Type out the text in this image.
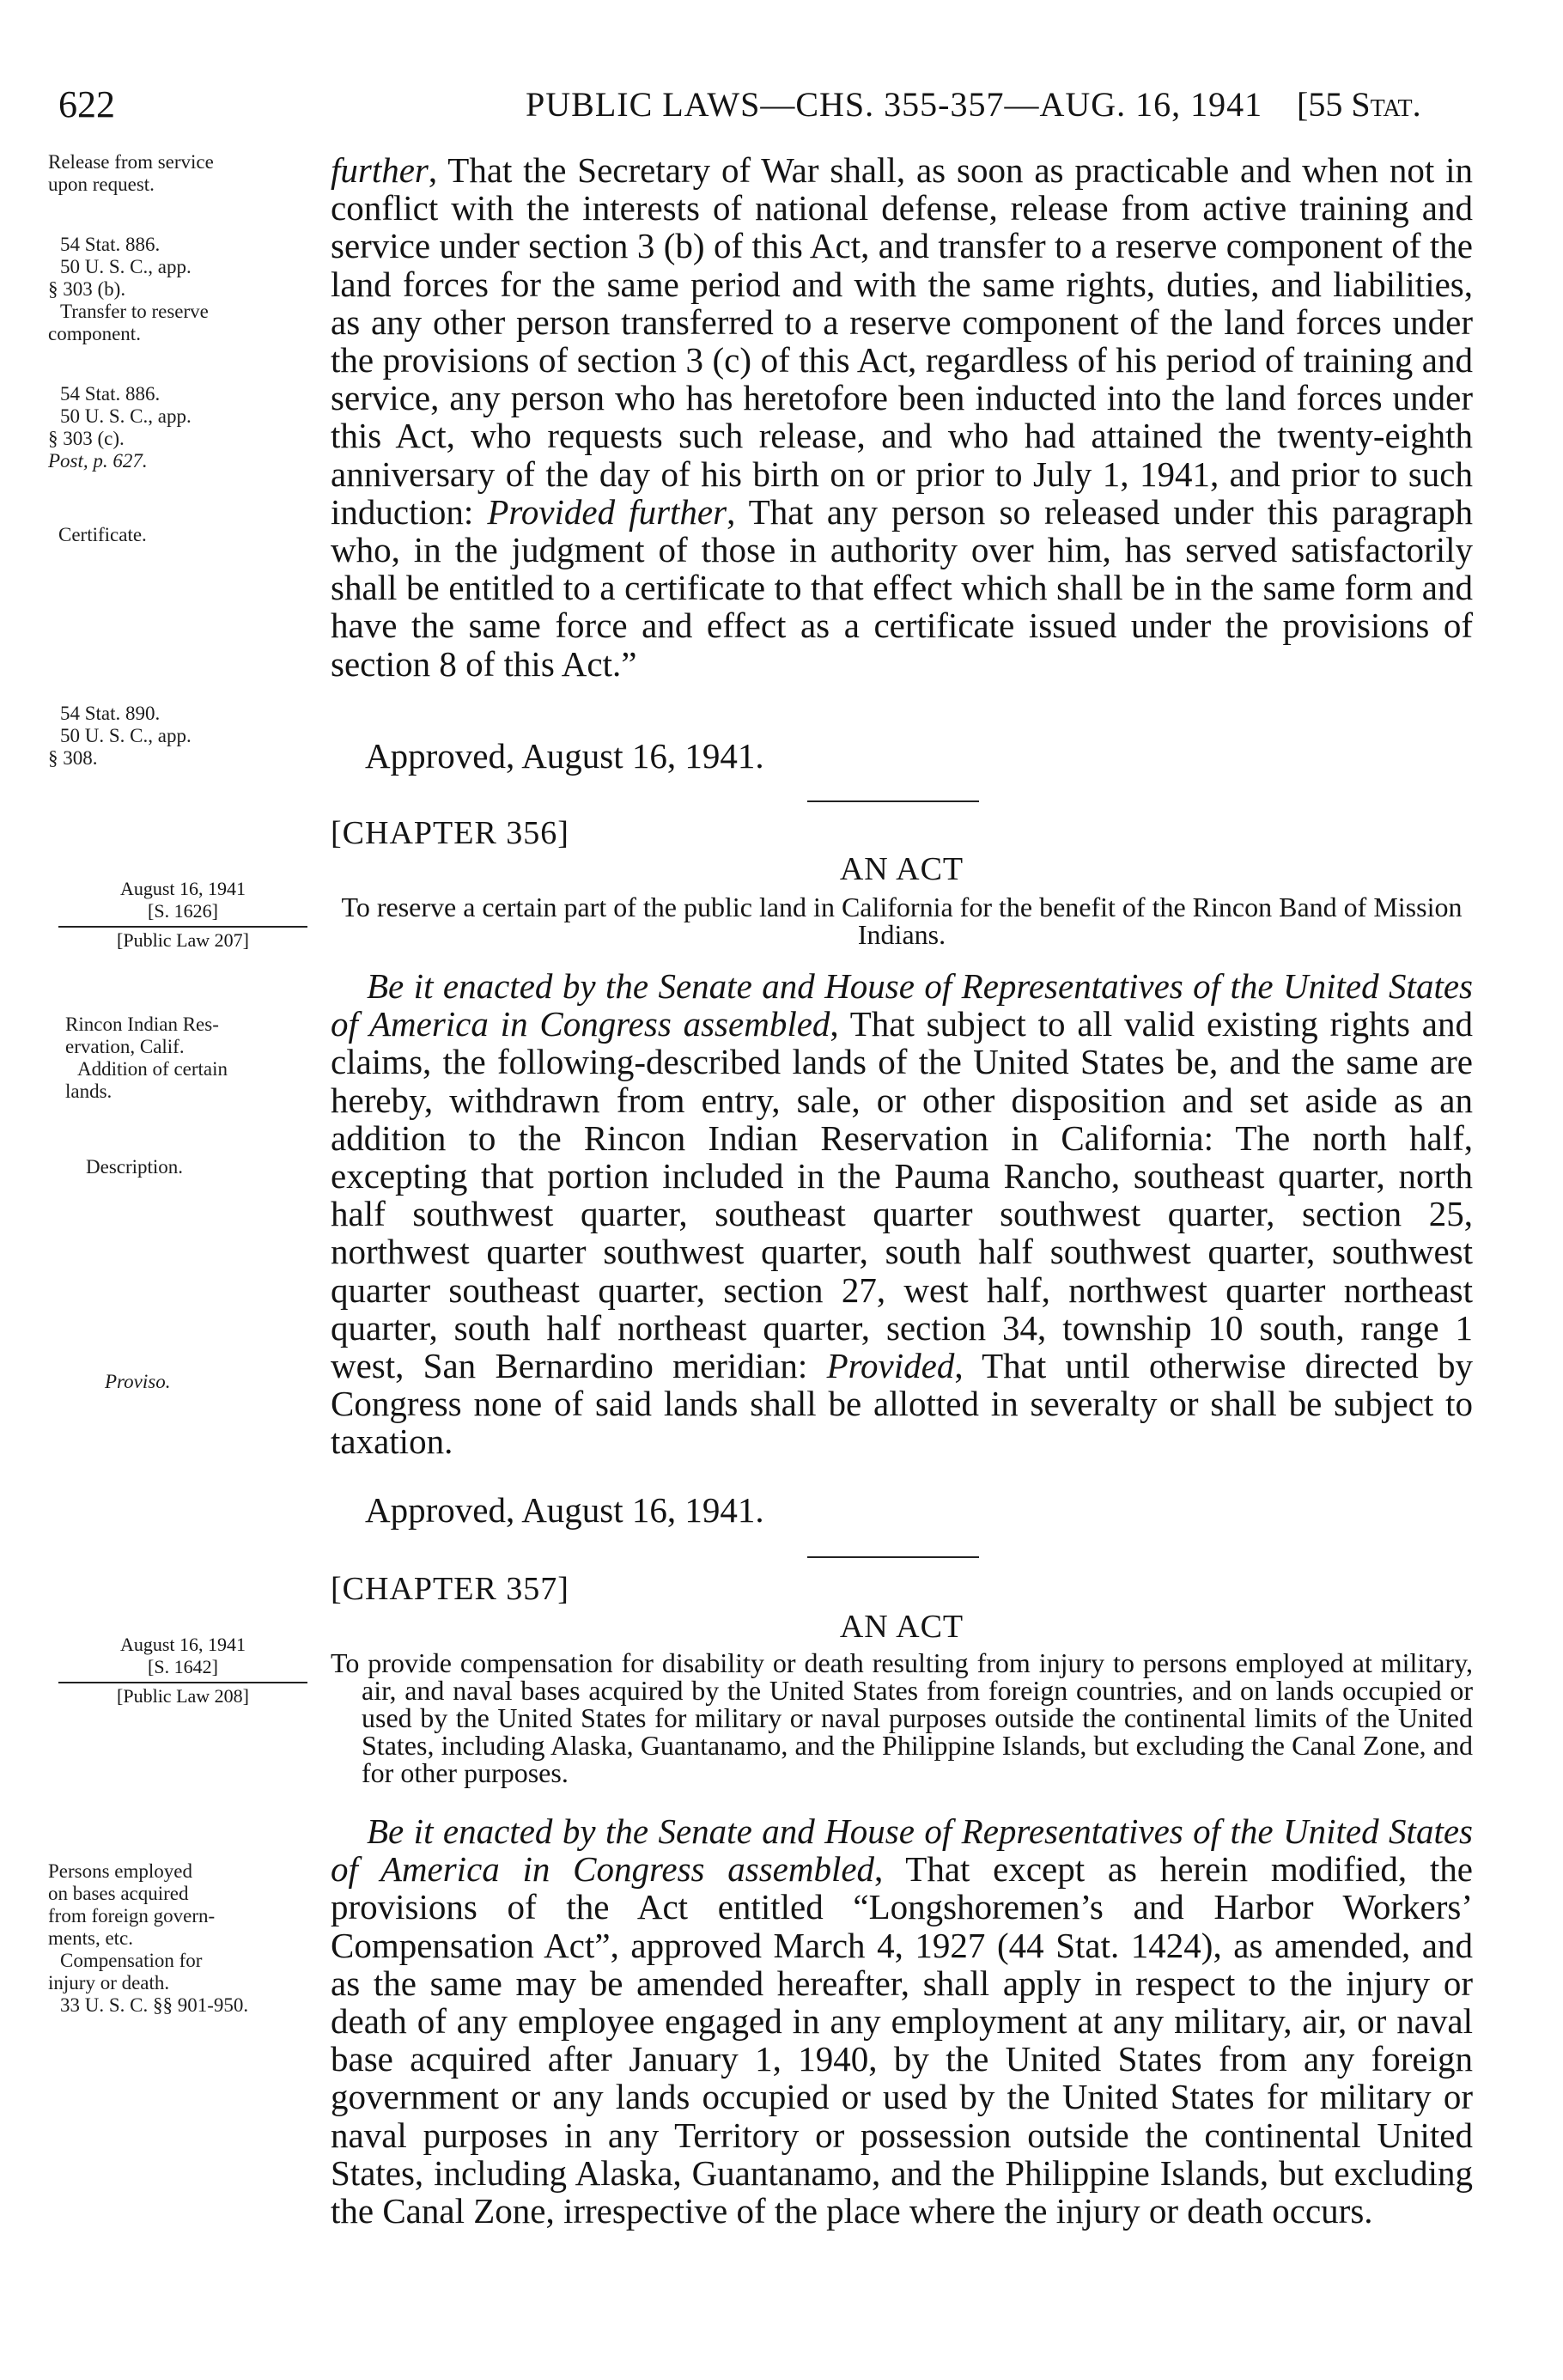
622	PUBLIC LAWS—CHS. 355-357—AUG. 16, 1941 [55 Stat.
Release from service
upon request.
54 Stat. 886.
50 U. S. C., app.
§ 303 (b).
Transfer to reserve
component.
54 Stat. 886.
50 U. S. C., app.
§ 303 (c).
Post, p. 627.
Certificate.
54 Stat. 890.
50 U. S. C., app.
§ 308.

further, That the Secretary of War shall, as soon as practicable and when not in conflict with the interests of national defense, release from active training and service under section 3 (b) of this Act, and transfer to a reserve component of the land forces for the same period and with the same rights, duties, and liabilities, as any other person transferred to a reserve component of the land forces under the provisions of section 3 (c) of this Act, regardless of his period of training and service, any person who has heretofore been inducted into the land forces under this Act, who requests such release, and who had attained the twenty-eighth anniversary of the day of his birth on or prior to July 1, 1941, and prior to such induction: Provided further, That any person so released under this paragraph who, in the judgment of those in authority over him, has served satisfactorily shall be entitled to a certificate to that effect which shall be in the same form and have the same force and effect as a certificate issued under the provisions of section 8 of this Act.”

Approved, August 16, 1941.
[CHAPTER 356]
AN ACT
To reserve a certain part of the public land in California for the benefit of the Rincon Band of Mission Indians.
August 16, 1941
[S. 1626]
[Public Law 207]
Rincon Indian Res-
ervation, Calif.
Addition of certain
lands.
Description.
Proviso.

Be it enacted by the Senate and House of Representatives of the United States of America in Congress assembled, That subject to all valid existing rights and claims, the following-described lands of the United States be, and the same are hereby, withdrawn from entry, sale, or other disposition and set aside as an addition to the Rincon Indian Reservation in California: The north half, excepting that portion included in the Pauma Rancho, southeast quarter, north half southwest quarter, southeast quarter southwest quarter, section 25, northwest quarter southwest quarter, south half southwest quarter, southwest quarter southeast quarter, section 27, west half, northwest quarter northeast quarter, south half northeast quarter, section 34, township 10 south, range 1 west, San Bernardino meridian: Provided, That until otherwise directed by Congress none of said lands shall be allotted in severalty or shall be subject to taxation.

Approved, August 16, 1941.
[CHAPTER 357]
AN ACT
To provide compensation for disability or death resulting from injury to persons employed at military, air, and naval bases acquired by the United States from foreign countries, and on lands occupied or used by the United States for military or naval purposes outside the continental limits of the United States, including Alaska, Guantanamo, and the Philippine Islands, but excluding the Canal Zone, and for other purposes.
August 16, 1941
[S. 1642]
[Public Law 208]
Persons employed
on bases acquired
from foreign govern-
ments, etc.
Compensation for
injury or death.
33 U. S. C. §§ 901-950.

Be it enacted by the Senate and House of Representatives of the United States of America in Congress assembled, That except as herein modified, the provisions of the Act entitled “Longshoremen’s and Harbor Workers’ Compensation Act”, approved March 4, 1927 (44 Stat. 1424), as amended, and as the same may be amended hereafter, shall apply in respect to the injury or death of any employee engaged in any employment at any military, air, or naval base acquired after January 1, 1940, by the United States from any foreign government or any lands occupied or used by the United States for military or naval purposes in any Territory or possession outside the continental United States, including Alaska, Guantanamo, and the Philippine Islands, but excluding the Canal Zone, irrespective of the place where the injury or death occurs.
